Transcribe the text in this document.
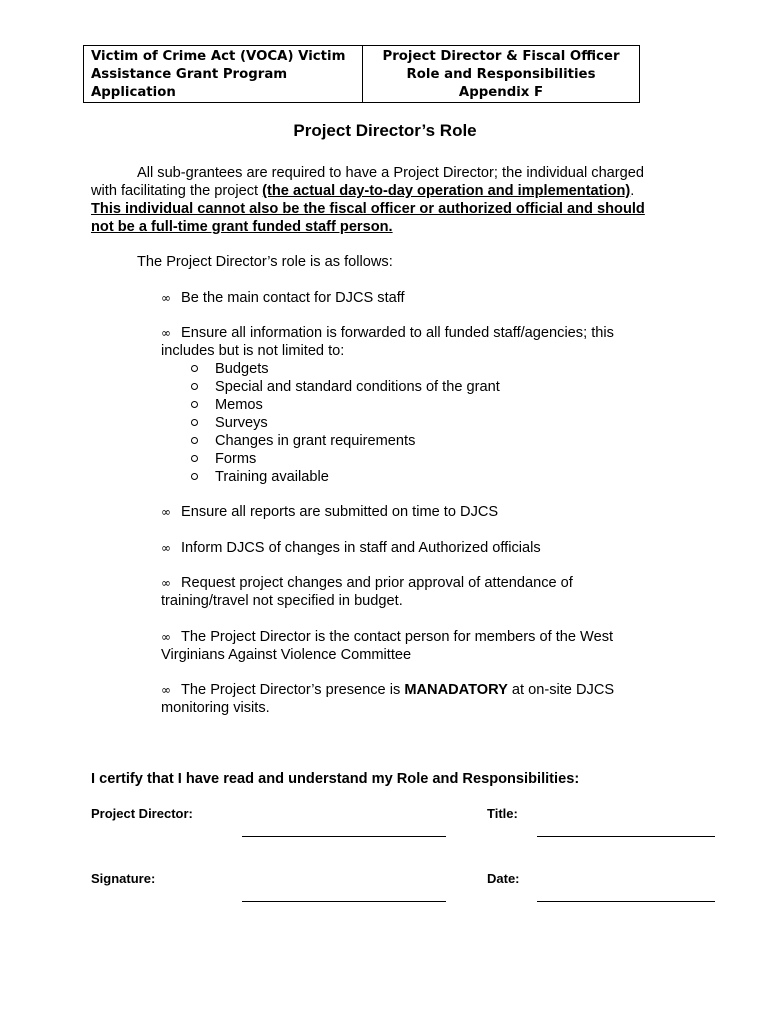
Victim of Crime Act (VOCA) Victim
Assistance Grant Program
Application
Project Director & Fiscal Officer
Role and Responsibilities
Appendix F
Project Director’s Role
All sub-grantees are required to have a Project Director; the individual charged
with facilitating the project (the actual day-to-day operation and implementation).
This individual cannot also be the fiscal officer or authorized official and should
not be a full-time grant funded staff person.
The Project Director’s role is as follows:
∞ Be the main contact for DJCS staff
∞ Ensure all information is forwarded to all funded staff/agencies; this
includes but is not limited to:
Budgets
Special and standard conditions of the grant
Memos
Surveys
Changes in grant requirements
Forms
Training available
∞ Ensure all reports are submitted on time to DJCS
∞ Inform DJCS of changes in staff and Authorized officials
∞ Request project changes and prior approval of attendance of
training/travel not specified in budget.
∞ The Project Director is the contact person for members of the West
Virginians Against Violence Committee
∞ The Project Director’s presence is MANADATORY at on-site DJCS
monitoring visits.
I certify that I have read and understand my Role and Responsibilities:
Project Director:	Title:
Signature:	Date:
